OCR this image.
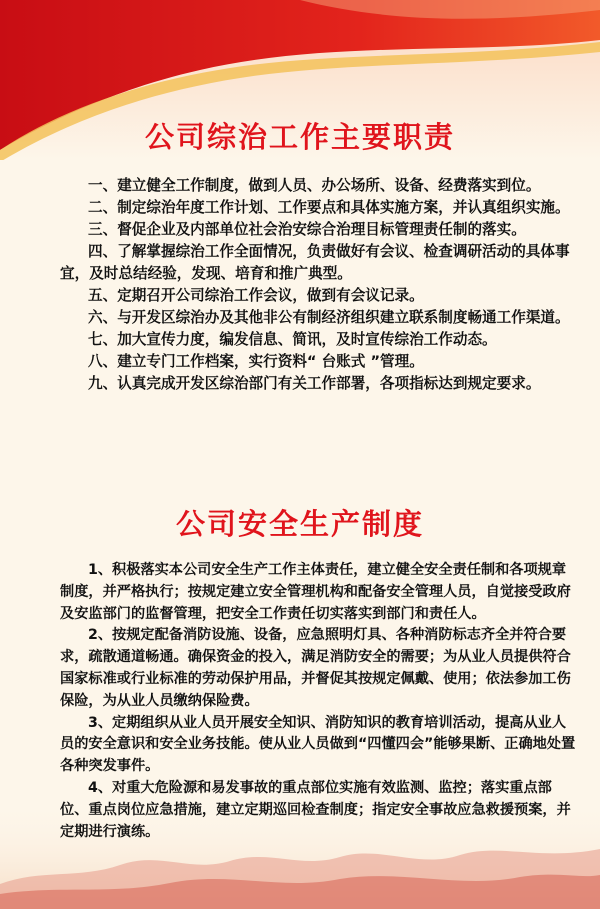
公司综治工作主要职责

一、建立健全工作制度，做到人员、办公场所、设备、经费落实到位。

二、制定综治年度工作计划、工作要点和具体实施方案，并认真组织实施。

三、督促企业及内部单位社会治安综合治理目标管理责任制的落实。

四、了解掌握综治工作全面情况，负责做好有会议、检查调研活动的具体事宜，及时总结经验，发现、培育和推广典型。

五、定期召开公司综治工作会议，做到有会议记录。

六、与开发区综治办及其他非公有制经济组织建立联系制度畅通工作渠道。

七、加大宣传力度，编发信息、简讯，及时宣传综治工作动态。

八、建立专门工作档案，实行资料“ 台账式 ”管理。

九、认真完成开发区综治部门有关工作部署，各项指标达到规定要求。

公司安全生产制度

1、积极落实本公司安全生产工作主体责任，建立健全安全责任制和各项规章制度，并严格执行；按规定建立安全管理机构和配备安全管理人员，自觉接受政府及安监部门的监督管理，把安全工作责任切实落实到部门和责任人。

2、按规定配备消防设施、设备，应急照明灯具、各种消防标志齐全并符合要求，疏散通道畅通。确保资金的投入，满足消防安全的需要；为从业人员提供符合国家标准或行业标准的劳动保护用品，并督促其按规定佩戴、使用；依法参加工伤保险，为从业人员缴纳保险费。

3、定期组织从业人员开展安全知识、消防知识的教育培训活动，提高从业人员的安全意识和安全业务技能。使从业人员做到“四懂四会”能够果断、正确地处置各种突发事件。

4、对重大危险源和易发事故的重点部位实施有效监测、监控；落实重点部位、重点岗位应急措施，建立定期巡回检查制度；指定安全事故应急救援预案，并定期进行演练。
